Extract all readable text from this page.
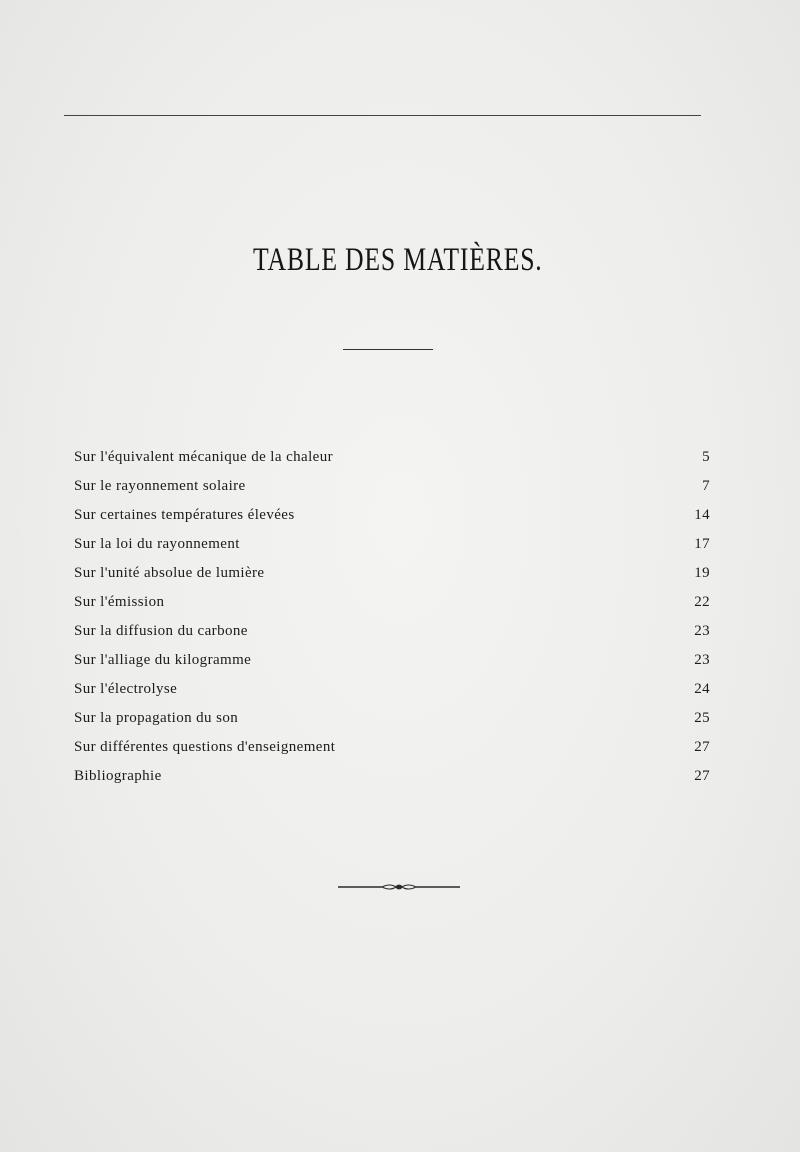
TABLE DES MATIÈRES.
Sur l'équivalent mécanique de la chaleur	5
Sur le rayonnement solaire	7
Sur certaines températures élevées	14
Sur la loi du rayonnement	17
Sur l'unité absolue de lumière	19
Sur l'émission	22
Sur la diffusion du carbone	23
Sur l'alliage du kilogramme	23
Sur l'électrolyse	24
Sur la propagation du son	25
Sur différentes questions d'enseignement	27
Bibliographie	27
